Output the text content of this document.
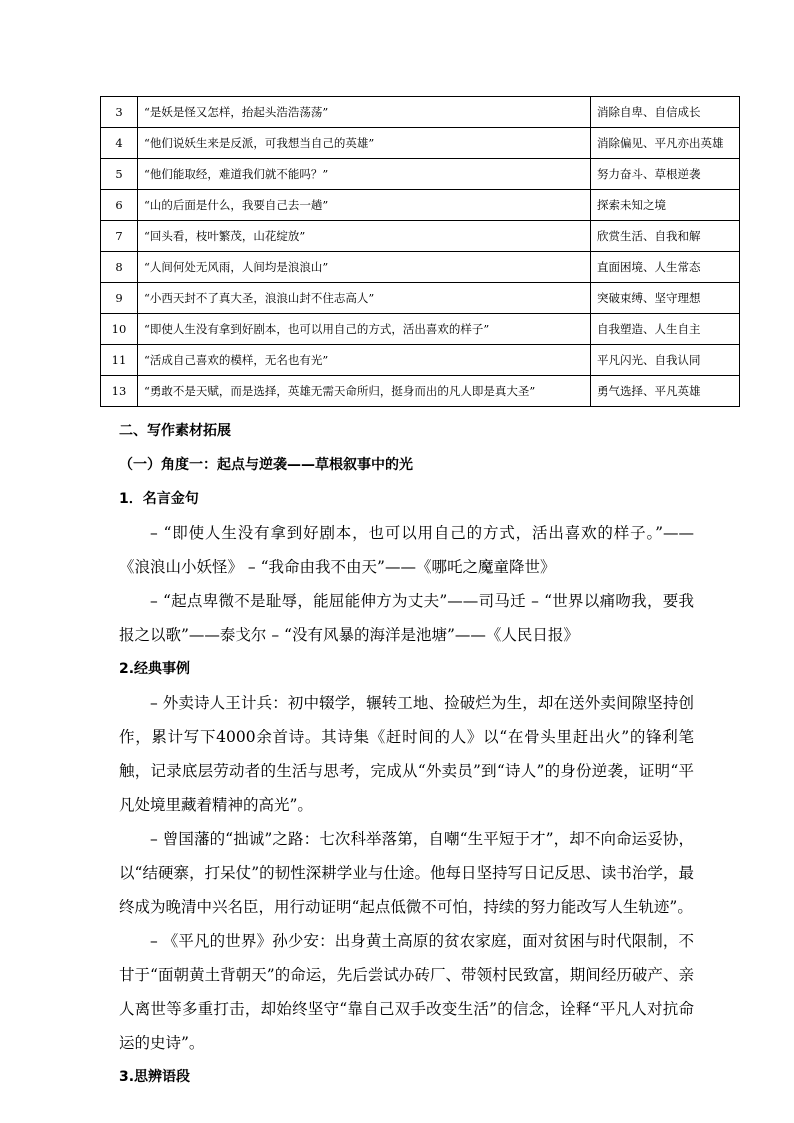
3	“是妖是怪又怎样，抬起头浩浩荡荡”	消除自卑、自信成长
4	“他们说妖生来是反派，可我想当自己的英雄”	消除偏见、平凡亦出英雄
5	“他们能取经，难道我们就不能吗？”	努力奋斗、草根逆袭
6	“山的后面是什么，我要自己去一趟”	探索未知之境
7	“回头看，枝叶繁茂，山花绽放”	欣赏生活、自我和解
8	“人间何处无风雨，人间均是浪浪山”	直面困境、人生常态
9	“小西天封不了真大圣，浪浪山封不住志高人”	突破束缚、坚守理想
10	“即使人生没有拿到好剧本，也可以用自己的方式，活出喜欢的样子”	自我塑造、人生自主
11	“活成自己喜欢的模样，无名也有光”	平凡闪光、自我认同
13	“勇敢不是天赋，而是选择，英雄无需天命所归，挺身而出的凡人即是真大圣”	勇气选择、平凡英雄

二、写作素材拓展

（一）角度一：起点与逆袭——草根叙事中的光

1．名言金句

– “即使人生没有拿到好剧本，也可以用自己的方式，活出喜欢的样子。”——《浪浪山小妖怪》 – “我命由我不由天”——《哪吒之魔童降世》

– “起点卑微不是耻辱，能屈能伸方为丈夫”——司马迁 – “世界以痛吻我，要我报之以歌”——泰戈尔 – “没有风暴的海洋是池塘”——《人民日报》

2.经典事例

– 外卖诗人王计兵：初中辍学，辗转工地、捡破烂为生，却在送外卖间隙坚持创作，累计写下4000余首诗。其诗集《赶时间的人》以“在骨头里赶出火”的锋利笔触，记录底层劳动者的生活与思考，完成从“外卖员”到“诗人”的身份逆袭，证明“平凡处境里藏着精神的高光”。

– 曾国藩的“拙诚”之路：七次科举落第，自嘲“生平短于才”，却不向命运妥协，以“结硬寨，打呆仗”的韧性深耕学业与仕途。他每日坚持写日记反思、读书治学，最终成为晚清中兴名臣，用行动证明“起点低微不可怕，持续的努力能改写人生轨迹”。

– 《平凡的世界》孙少安：出身黄土高原的贫农家庭，面对贫困与时代限制，不甘于“面朝黄土背朝天”的命运，先后尝试办砖厂、带领村民致富，期间经历破产、亲人离世等多重打击，却始终坚守“靠自己双手改变生活”的信念，诠释“平凡人对抗命运的史诗”。

3.思辨语段
